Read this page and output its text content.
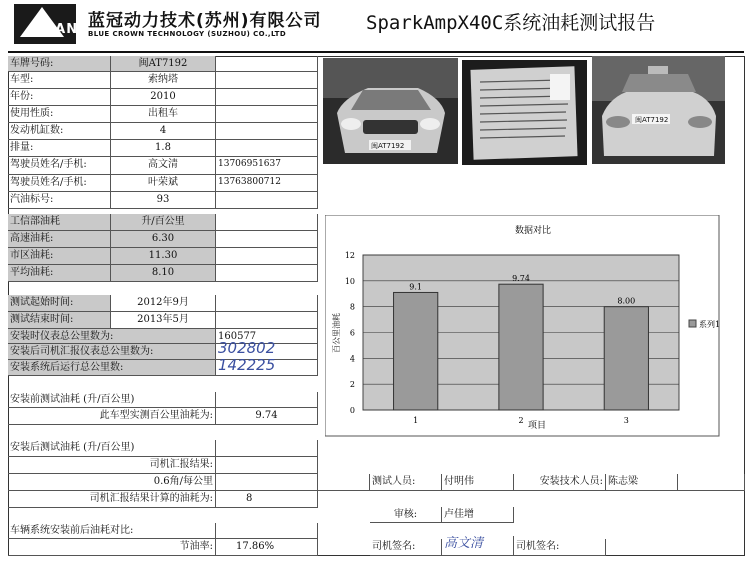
UAN 蓝冠动力技术(苏州)有限公司
BLUE CROWN TECHNOLOGY (SUZHOU) CO.,LTD	SparkAmpX40C系统油耗测试报告
车牌号码:	闽AT7192
车型:	索纳塔
年份:	2010
使用性质:	出租车
发动机缸数:	4
排量:	1.8
驾驶员姓名/手机:	高文清	13706951637
驾驶员姓名/手机:	叶荣斌	13763800712
汽油标号:	93
闽AT7192
闽AT7192
工信部油耗	升/百公里
高速油耗:	6.30
市区油耗:	11.30
平均油耗:	8.10
测试起始时间:	2012年9月
测试结束时间:	2013年5月
安装时仪表总公里数为:	160577
安装后司机汇报仪表总公里数为:	302802
安装系统后运行总公里数:	142225
安装前测试油耗 (升/百公里)
此车型实测百公里油耗为:	9.74
安装后测试油耗 (升/百公里)
司机汇报结果:
0.6角/每公里
司机汇报结果计算的油耗为:	8
车辆系统安装前后油耗对比:
节油率:	17.86%
测试人员:	付明伟	安装技术人员: 陈志梁
审核:	卢佳增
司机签名:	高文清	司机签名:
数据对比
项目
百公里油耗	系列1
0
2
4
6
8
10
12
9.1
1
9.74
2
8.00
3
